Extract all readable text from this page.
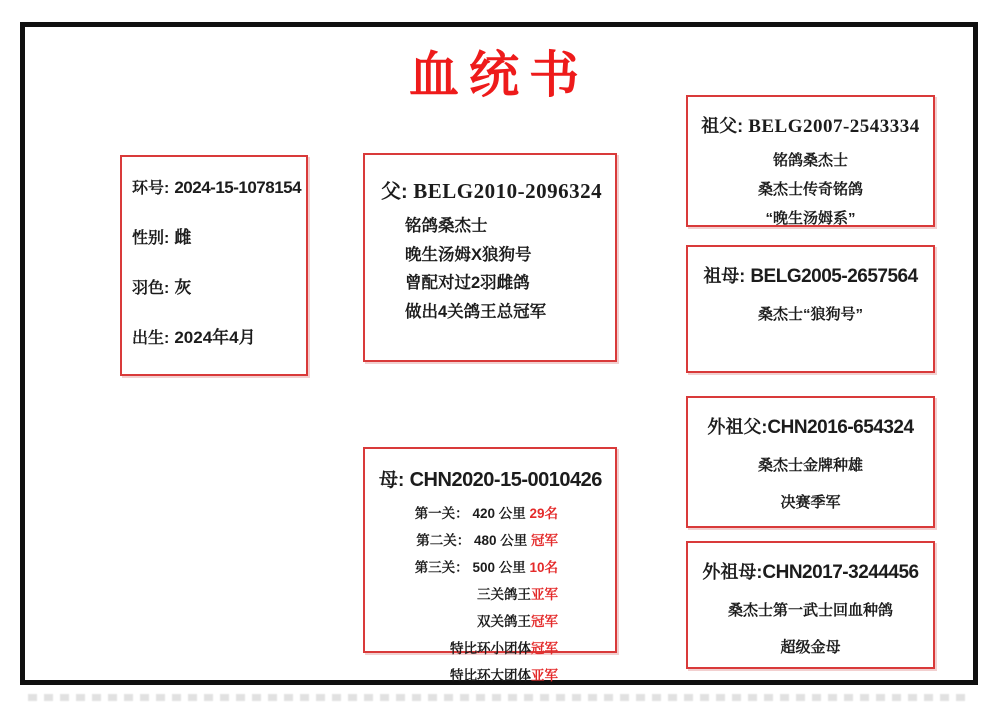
血统书
环号: 2024-15-1078154
性别: 雌
羽色: 灰
出生: 2024年4月
父: BELG2010-2096324
铭鸽桑杰士
晚生汤姆X狼狗号
曾配对过2羽雌鸽
做出4关鸽王总冠军
母: CHN2020-15-0010426
第一关： 420 公里 29名
第二关： 480 公里 冠军
第三关： 500 公里 10名
三关鸽王亚军
双关鸽王冠军
特比环小团体冠军
特比环大团体亚军
祖父: BELG2007-2543334
铭鸽桑杰士
桑杰士传奇铭鸽
“晚生汤姆系”
祖母: BELG2005-2657564
桑杰士“狼狗号”
外祖父:CHN2016-654324
桑杰士金牌种雄
决赛季军
外祖母:CHN2017-3244456
桑杰士第一武士回血种鸽
超级金母
